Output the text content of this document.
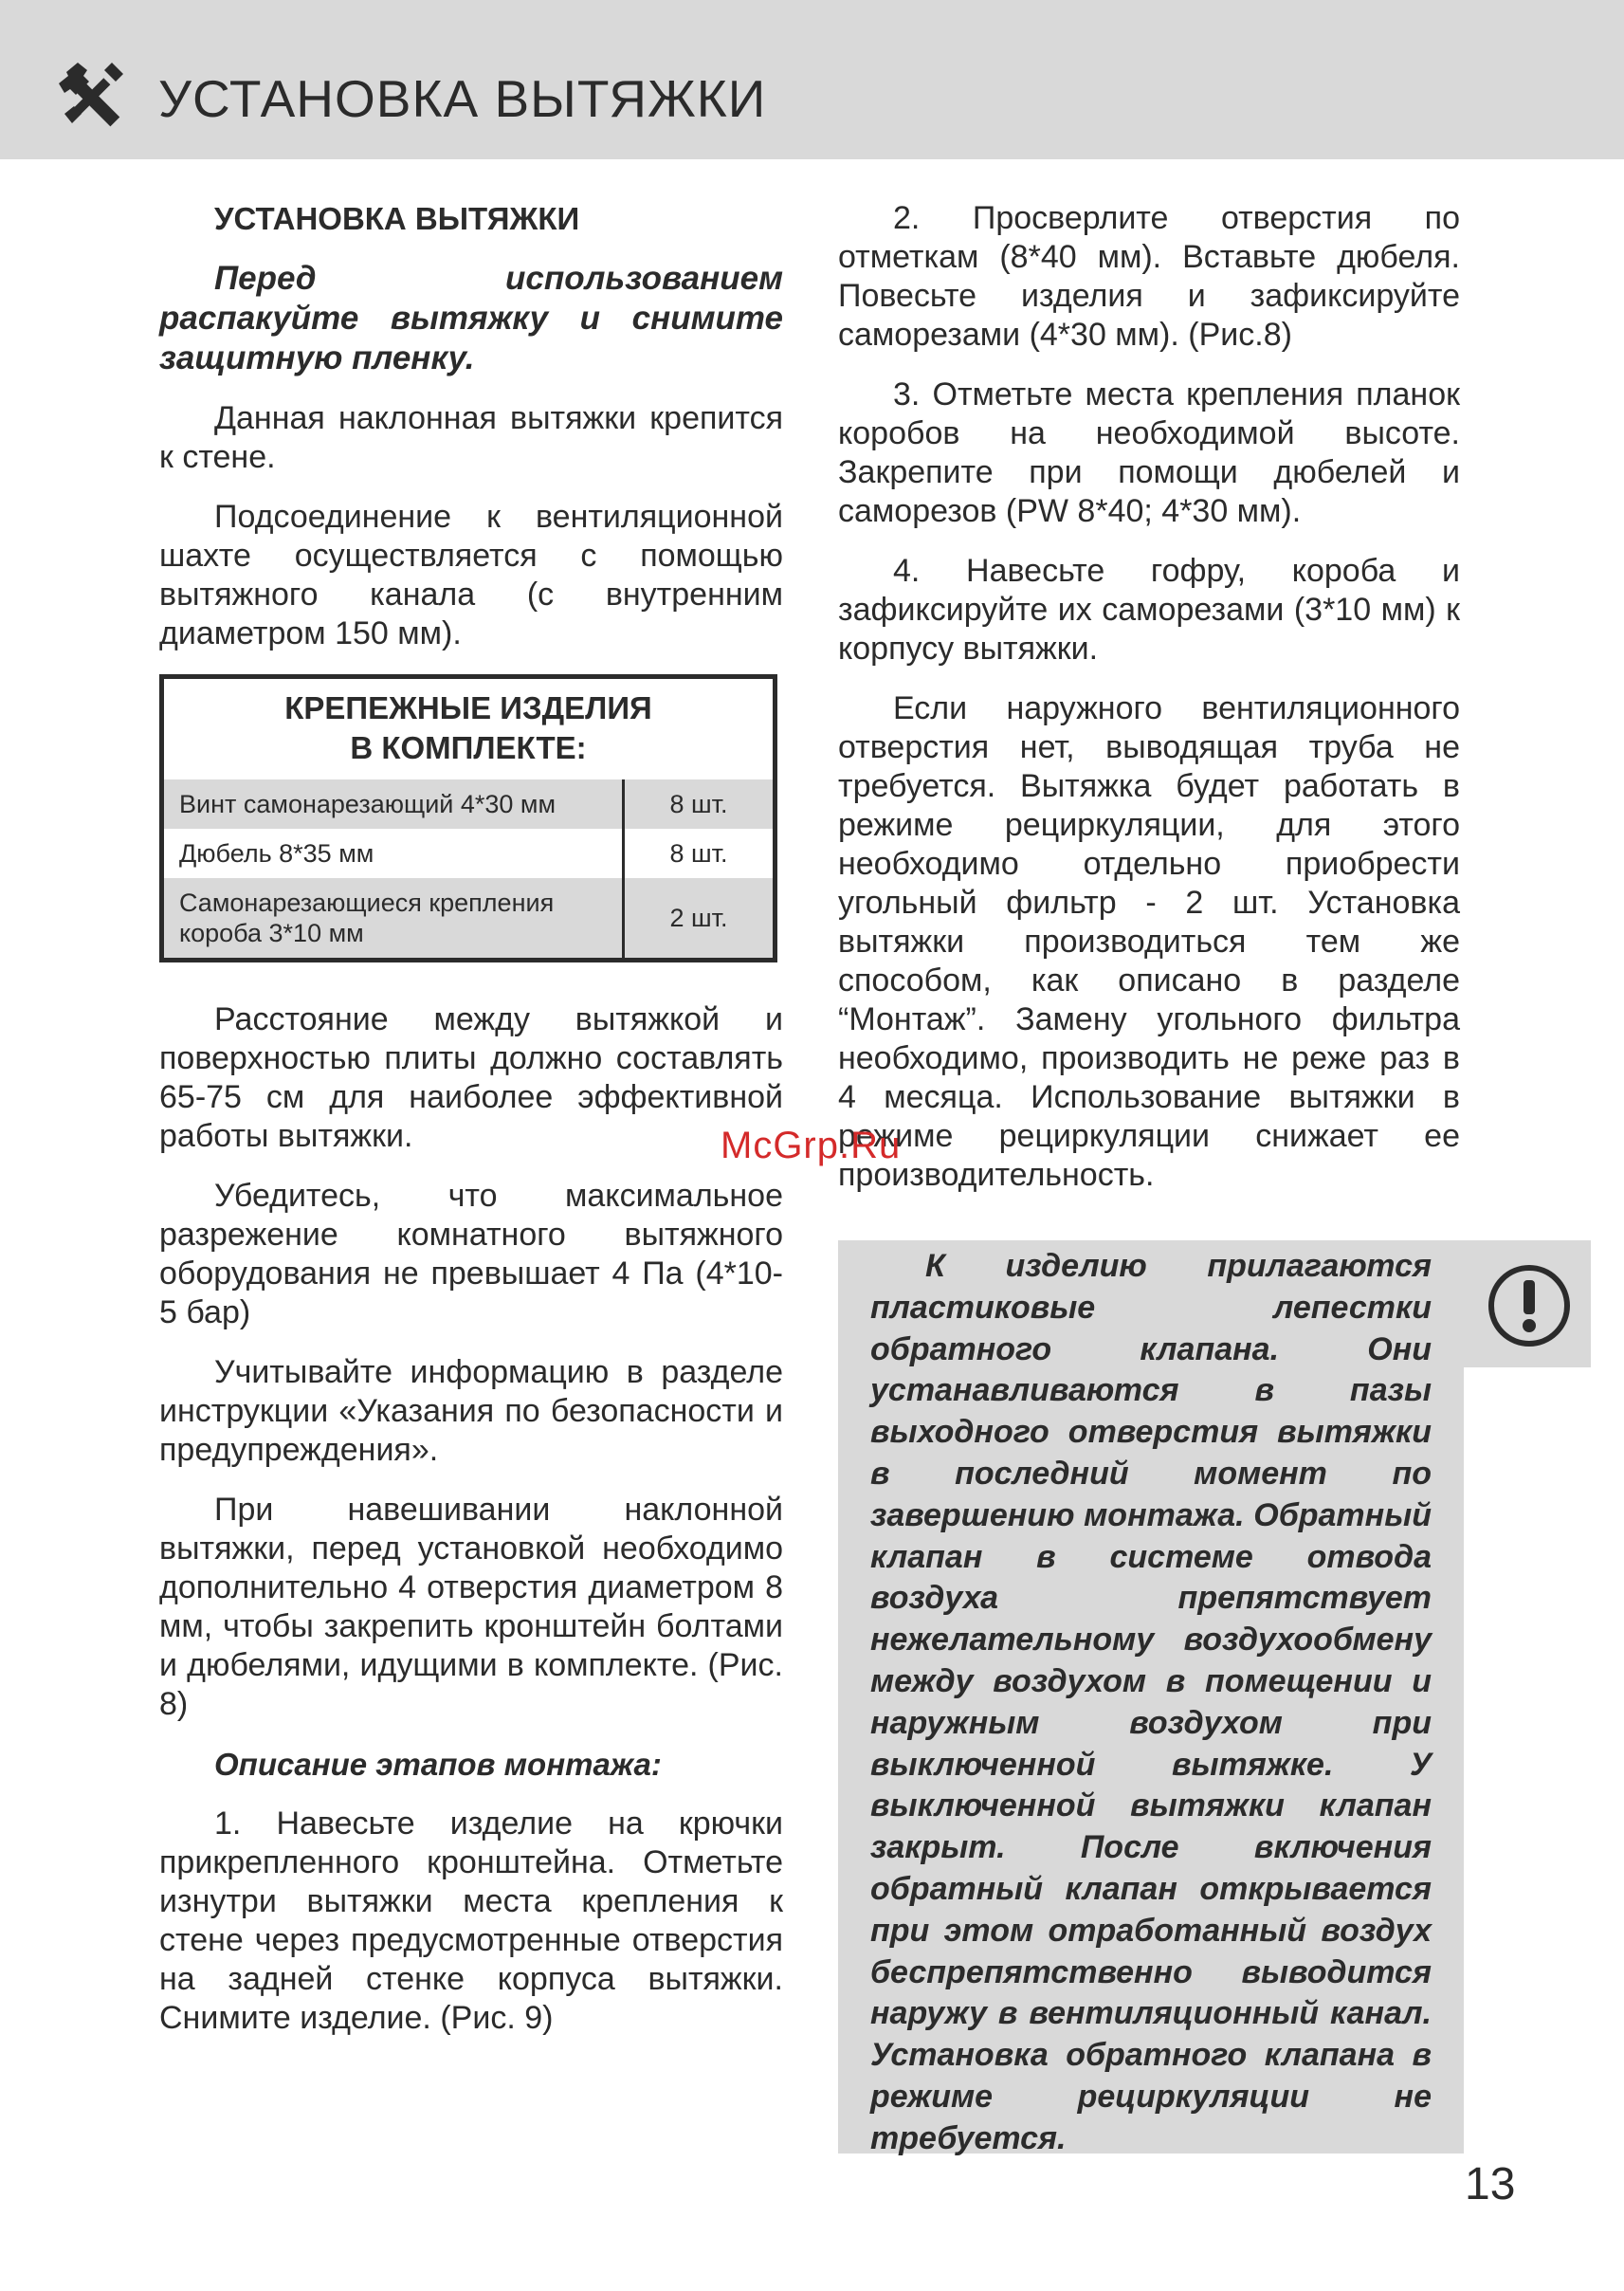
УСТАНОВКА ВЫТЯЖКИ

УСТАНОВКА ВЫТЯЖКИ

Перед использованием распакуйте вытяжку и снимите защитную пленку.

Данная наклонная вытяжки крепится к стене.

Подсоединение к вентиляционной шахте осуществляется с помощью вытяжного канала (с внутренним диаметром 150 мм).

КРЕПЕЖНЫЕ ИЗДЕЛИЯ
В КОМПЛЕКТЕ:	
Винт самонарезающий 4*30 мм	8 шт.
Дюбель 8*35 мм	8 шт.
Самонарезающиеся крепления короба 3*10 мм	2 шт.

Расстояние между вытяжкой и поверхностью плиты должно составлять 65-75 см для наиболее эффективной работы вытяжки.

Убедитесь, что максимальное разрежение комнатного вытяжного оборудования не превышает 4 Па (4*10-5 бар)

Учитывайте информацию в разделе инструкции «Указания по безопасности и предупреждения».

При навешивании наклонной вытяжки, перед установкой необходимо дополнительно 4 отверстия диаметром 8 мм, чтобы закрепить кронштейн болтами и дюбелями, идущими в комплекте. (Рис. 8)

Описание этапов монтажа:

1. Навесьте изделие на крючки прикрепленного кронштейна. Отметьте изнутри вытяжки места крепления к стене через предусмотренные отверстия на задней стенке корпуса вытяжки. Снимите изделие. (Рис. 9)

2. Просверлите отверстия по отметкам (8*40 мм). Вставьте дюбеля. Повесьте изделия и зафиксируйте саморезами (4*30 мм). (Рис.8)

3. Отметьте места крепления планок коробов на необходимой высоте. Закрепите при помощи дюбелей и саморезов (PW 8*40; 4*30 мм).

4. Навесьте гофру, короба и зафиксируйте их саморезами (3*10 мм) к корпусу вытяжки.

Если наружного вентиляционного отверстия нет, выводящая труба не требуется. Вытяжка будет работать в режиме рециркуляции, для этого необходимо отдельно приобрести угольный фильтр - 2 шт. Установка вытяжки производиться тем же способом, как описано в разделе “Монтаж”. Замену угольного фильтра необходимо, производить не реже раз в 4 месяца. Использование вытяжки в режиме рециркуляции снижает ее производительность.

McGrp.Ru

К изделию прилагаются пластиковые лепестки обратного клапана. Они устанавливаются в пазы выходного отверстия вытяжки в последний момент по завершению монтажа. Обратный клапан в системе отвода воздуха препятствует нежелательному воздухообмену между воздухом в помещении и наружным воздухом при выключенной вытяжке. У выключенной вытяжки клапан закрыт. После включения обратный клапан открывается при этом отработанный воздух беспрепятственно выводится наружу в вентиляционный канал. Установка обратного клапана в режиме рециркуляции не требуется.

13
